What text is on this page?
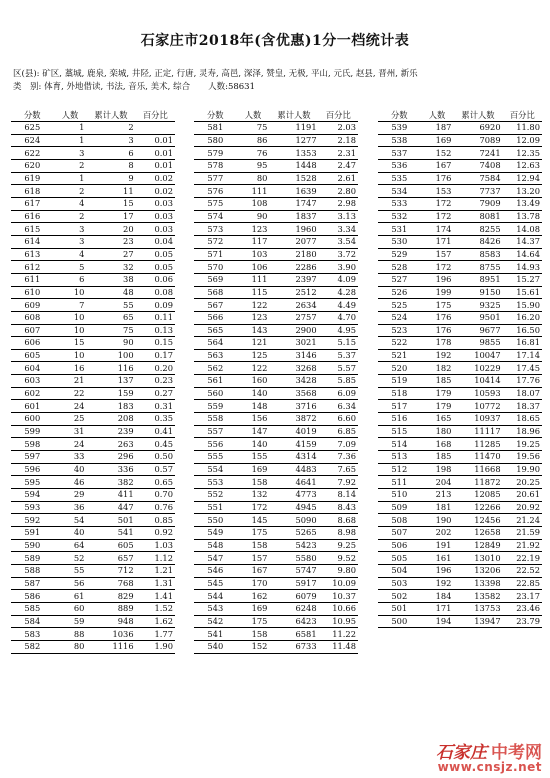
石家庄市2018年(含优惠)1分一档统计表
区(县): 矿区, 藁城, 鹿泉, 栾城, 井陉, 正定, 行唐, 灵寿, 高邑, 深泽, 赞皇, 无极, 平山, 元氏, 赵县, 晋州, 新乐
类　别: 体育, 外地借读, 书法, 音乐, 美术, 综合 人数:58631
分数	人数	累计人数	百分比
625	1	2	
624	1	3	0.01
622	3	6	0.01
620	2	8	0.01
619	1	9	0.02
618	2	11	0.02
617	4	15	0.03
616	2	17	0.03
615	3	20	0.03
614	3	23	0.04
613	4	27	0.05
612	5	32	0.05
611	6	38	0.06
610	10	48	0.08
609	7	55	0.09
608	10	65	0.11
607	10	75	0.13
606	15	90	0.15
605	10	100	0.17
604	16	116	0.20
603	21	137	0.23
602	22	159	0.27
601	24	183	0.31
600	25	208	0.35
599	31	239	0.41
598	24	263	0.45
597	33	296	0.50
596	40	336	0.57
595	46	382	0.65
594	29	411	0.70
593	36	447	0.76
592	54	501	0.85
591	40	541	0.92
590	64	605	1.03
589	52	657	1.12
588	55	712	1.21
587	56	768	1.31
586	61	829	1.41
585	60	889	1.52
584	59	948	1.62
583	88	1036	1.77
582	80	1116	1.90
分数	人数	累计人数	百分比
581	75	1191	2.03
580	86	1277	2.18
579	76	1353	2.31
578	95	1448	2.47
577	80	1528	2.61
576	111	1639	2.80
575	108	1747	2.98
574	90	1837	3.13
573	123	1960	3.34
572	117	2077	3.54
571	103	2180	3.72
570	106	2286	3.90
569	111	2397	4.09
568	115	2512	4.28
567	122	2634	4.49
566	123	2757	4.70
565	143	2900	4.95
564	121	3021	5.15
563	125	3146	5.37
562	122	3268	5.57
561	160	3428	5.85
560	140	3568	6.09
559	148	3716	6.34
558	156	3872	6.60
557	147	4019	6.85
556	140	4159	7.09
555	155	4314	7.36
554	169	4483	7.65
553	158	4641	7.92
552	132	4773	8.14
551	172	4945	8.43
550	145	5090	8.68
549	175	5265	8.98
548	158	5423	9.25
547	157	5580	9.52
546	167	5747	9.80
545	170	5917	10.09
544	162	6079	10.37
543	169	6248	10.66
542	175	6423	10.95
541	158	6581	11.22
540	152	6733	11.48
分数	人数	累计人数	百分比
539	187	6920	11.80
538	169	7089	12.09
537	152	7241	12.35
536	167	7408	12.63
535	176	7584	12.94
534	153	7737	13.20
533	172	7909	13.49
532	172	8081	13.78
531	174	8255	14.08
530	171	8426	14.37
529	157	8583	14.64
528	172	8755	14.93
527	196	8951	15.27
526	199	9150	15.61
525	175	9325	15.90
524	176	9501	16.20
523	176	9677	16.50
522	178	9855	16.81
521	192	10047	17.14
520	182	10229	17.45
519	185	10414	17.76
518	179	10593	18.07
517	179	10772	18.37
516	165	10937	18.65
515	180	11117	18.96
514	168	11285	19.25
513	185	11470	19.56
512	198	11668	19.90
511	204	11872	20.25
510	213	12085	20.61
509	181	12266	20.92
508	190	12456	21.24
507	202	12658	21.59
506	191	12849	21.92
505	161	13010	22.19
504	196	13206	22.52
503	192	13398	22.85
502	184	13582	23.17
501	171	13753	23.46
500	194	13947	23.79
石家庄 中考网
www.cnsjz.net
